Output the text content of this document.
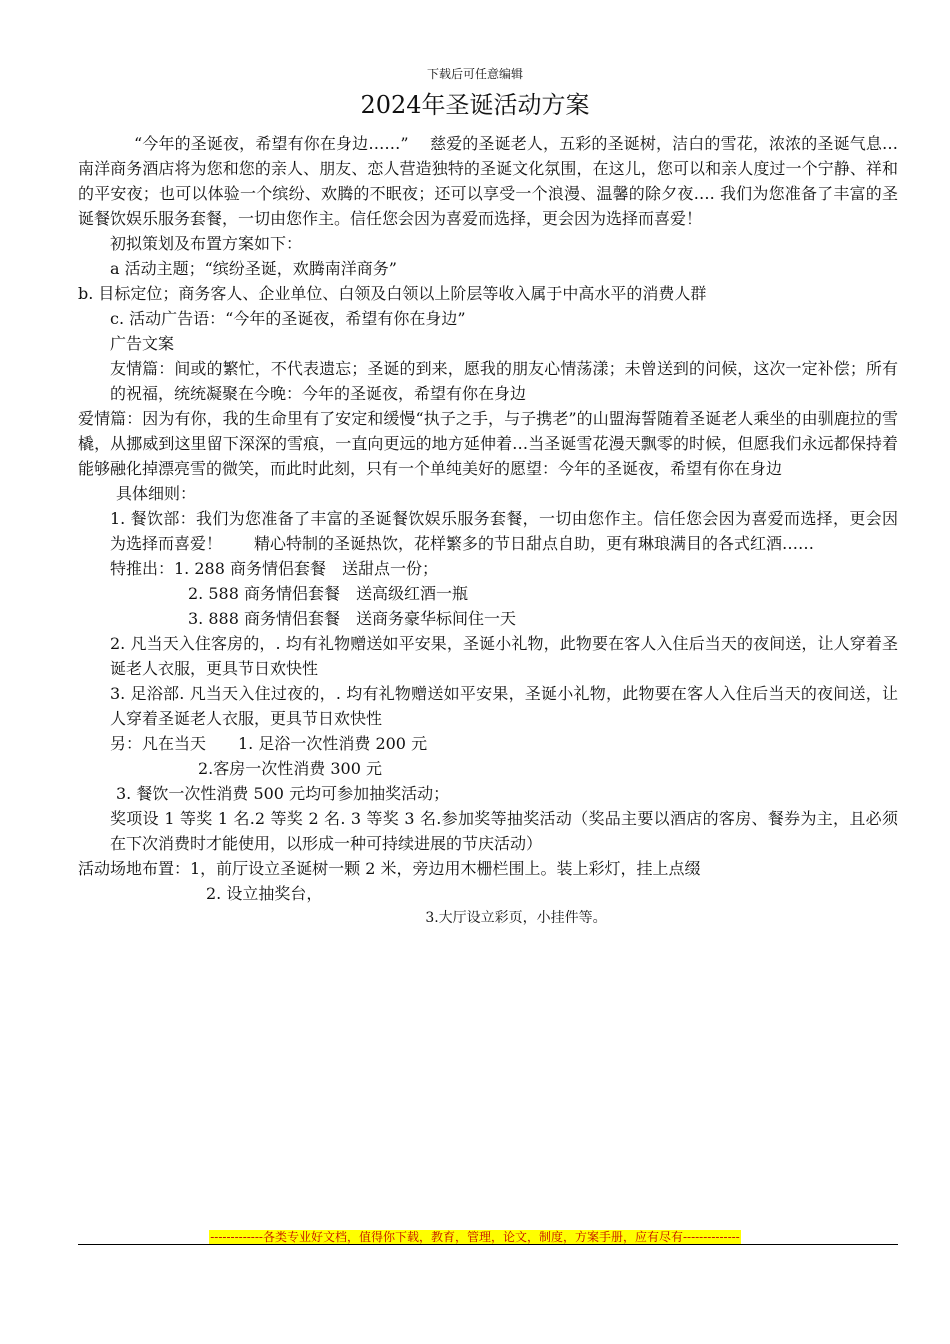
下载后可任意编辑
2024年圣诞活动方案

“今年的圣诞夜，希望有你在身边……”　 慈爱的圣诞老人，五彩的圣诞树，洁白的雪花，浓浓的圣诞气息…南洋商务酒店将为您和您的亲人、朋友、恋人营造独特的圣诞文化氛围，在这儿，您可以和亲人度过一个宁静、祥和的平安夜；也可以体验一个缤纷、欢腾的不眠夜；还可以享受一个浪漫、温馨的除夕夜…. 我们为您准备了丰富的圣诞餐饮娱乐服务套餐，一切由您作主。信任您会因为喜爱而选择，更会因为选择而喜爱！

初拟策划及布置方案如下：

a 活动主题；“缤纷圣诞，欢腾南洋商务”

b. 目标定位；商务客人、企业单位、白领及白领以上阶层等收入属于中高水平的消费人群

c. 活动广告语：“今年的圣诞夜，希望有你在身边”

广告文案

友情篇：间或的繁忙，不代表遗忘；圣诞的到来，愿我的朋友心情荡漾；未曾送到的问候，这次一定补偿；所有的祝福，统统凝聚在今晚：今年的圣诞夜，希望有你在身边

爱情篇：因为有你，我的生命里有了安定和缓慢“执子之手，与子携老”的山盟海誓随着圣诞老人乘坐的由驯鹿拉的雪橇，从挪威到这里留下深深的雪痕，一直向更远的地方延伸着…当圣诞雪花漫天飘零的时候，但愿我们永远都保持着能够融化掉漂亮雪的微笑，而此时此刻，只有一个单纯美好的愿望：今年的圣诞夜，希望有你在身边

具体细则：

1. 餐饮部：我们为您准备了丰富的圣诞餐饮娱乐服务套餐，一切由您作主。信任您会因为喜爱而选择，更会因为选择而喜爱！　　精心特制的圣诞热饮，花样繁多的节日甜点自助，更有琳琅满目的各式红酒……

特推出：1. 288 商务情侣套餐　送甜点一份；

2. 588 商务情侣套餐　送高级红酒一瓶

3. 888 商务情侣套餐　送商务豪华标间住一天

2. 凡当天入住客房的，. 均有礼物赠送如平安果，圣诞小礼物，此物要在客人入住后当天的夜间送，让人穿着圣诞老人衣服，更具节日欢快性

3. 足浴部. 凡当天入住过夜的，. 均有礼物赠送如平安果，圣诞小礼物，此物要在客人入住后当天的夜间送，让人穿着圣诞老人衣服，更具节日欢快性

另：凡在当天　　1. 足浴一次性消费 200 元

2.客房一次性消费 300 元

3. 餐饮一次性消费 500 元均可参加抽奖活动；

奖项设 1 等奖 1 名.2 等奖 2 名. 3 等奖 3 名.参加奖等抽奖活动（奖品主要以酒店的客房、餐券为主，且必须在下次消费时才能使用，以形成一种可持续进展的节庆活动）

活动场地布置：1，前厅设立圣诞树一颗 2 米，旁边用木栅栏围上。装上彩灯，挂上点缀

2. 设立抽奖台，

3.大厅设立彩页，小挂件等。

-------------各类专业好文档，值得你下载，教育，管理，论文，制度，方案手册，应有尽有--------------
